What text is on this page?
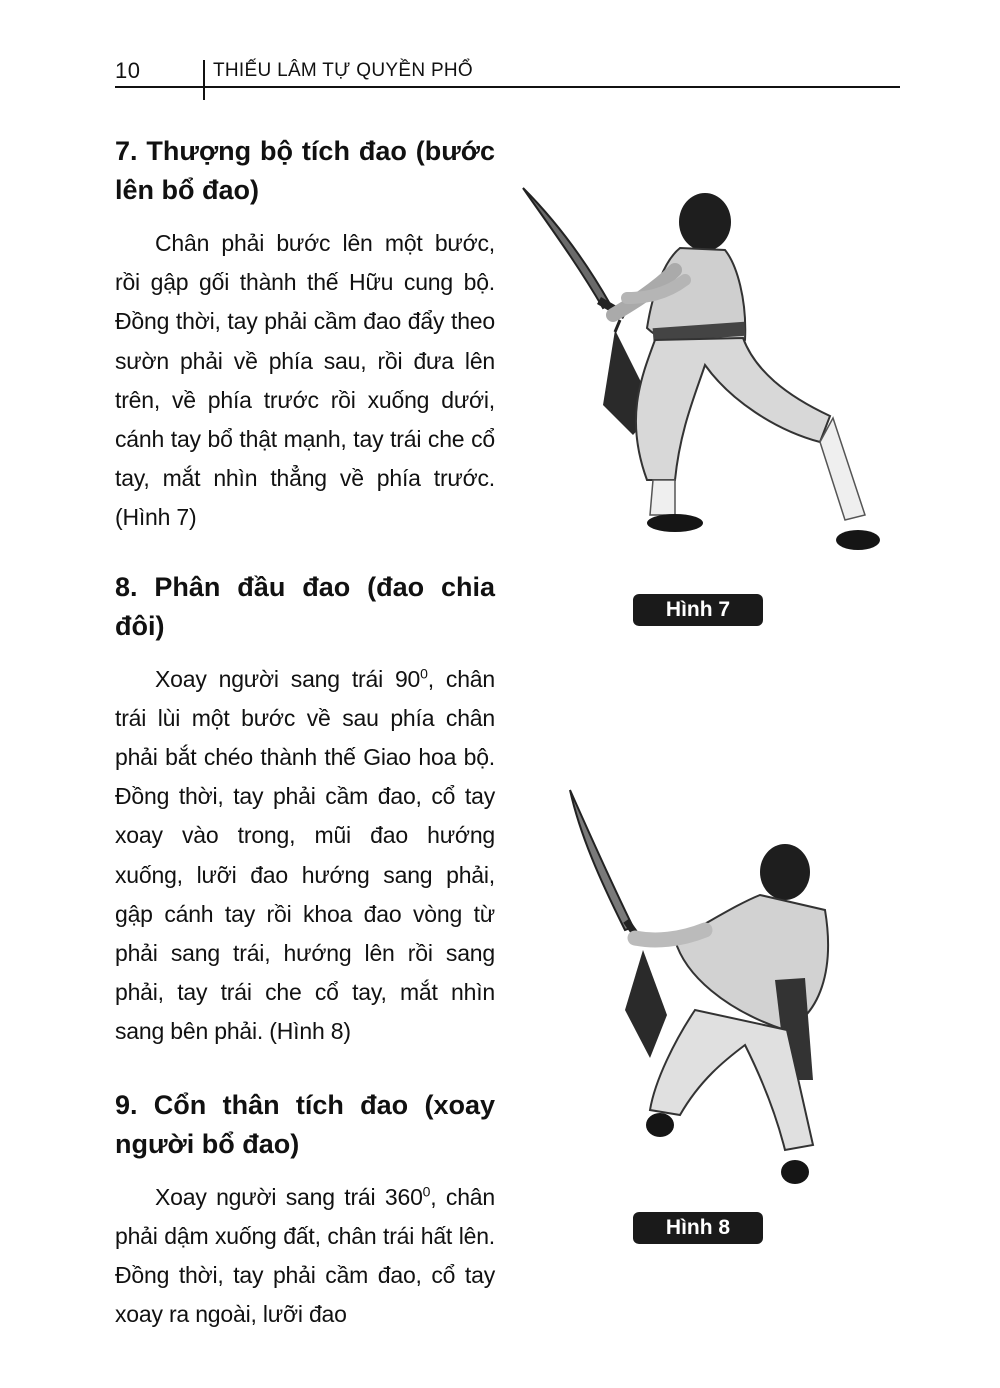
10	THIẾU LÂM TỰ QUYỀN PHỔ
7. Thượng bộ tích đao (bước lên bổ đao)

Chân phải bước lên một bước, rồi gập gối thành thế Hữu cung bộ. Đồng thời, tay phải cầm đao đẩy theo sườn phải về phía sau, rồi đưa lên trên, về phía trước rồi xuống dưới, cánh tay bổ thật mạnh, tay trái che cổ tay, mắt nhìn thẳng về phía trước. (Hình 7)

8. Phân đầu đao (đao chia đôi)

Xoay người sang trái $90^0$, chân trái lùi một bước về sau phía chân phải bắt chéo thành thế Giao hoa bộ. Đồng thời, tay phải cầm đao, cổ tay xoay vào trong, mũi đao hướng xuống, lưỡi đao hướng sang phải, gập cánh tay rồi khoa đao vòng từ phải sang trái, hướng lên rồi sang phải, tay trái che cổ tay, mắt nhìn sang bên phải. (Hình 8)

9. Cổn thân tích đao (xoay người bổ đao)

Xoay người sang trái $360^0$, chân phải dậm xuống đất, chân trái hất lên. Đồng thời, tay phải cầm đao, cổ tay xoay ra ngoài, lưỡi đao

Hình 7
Hình 8
